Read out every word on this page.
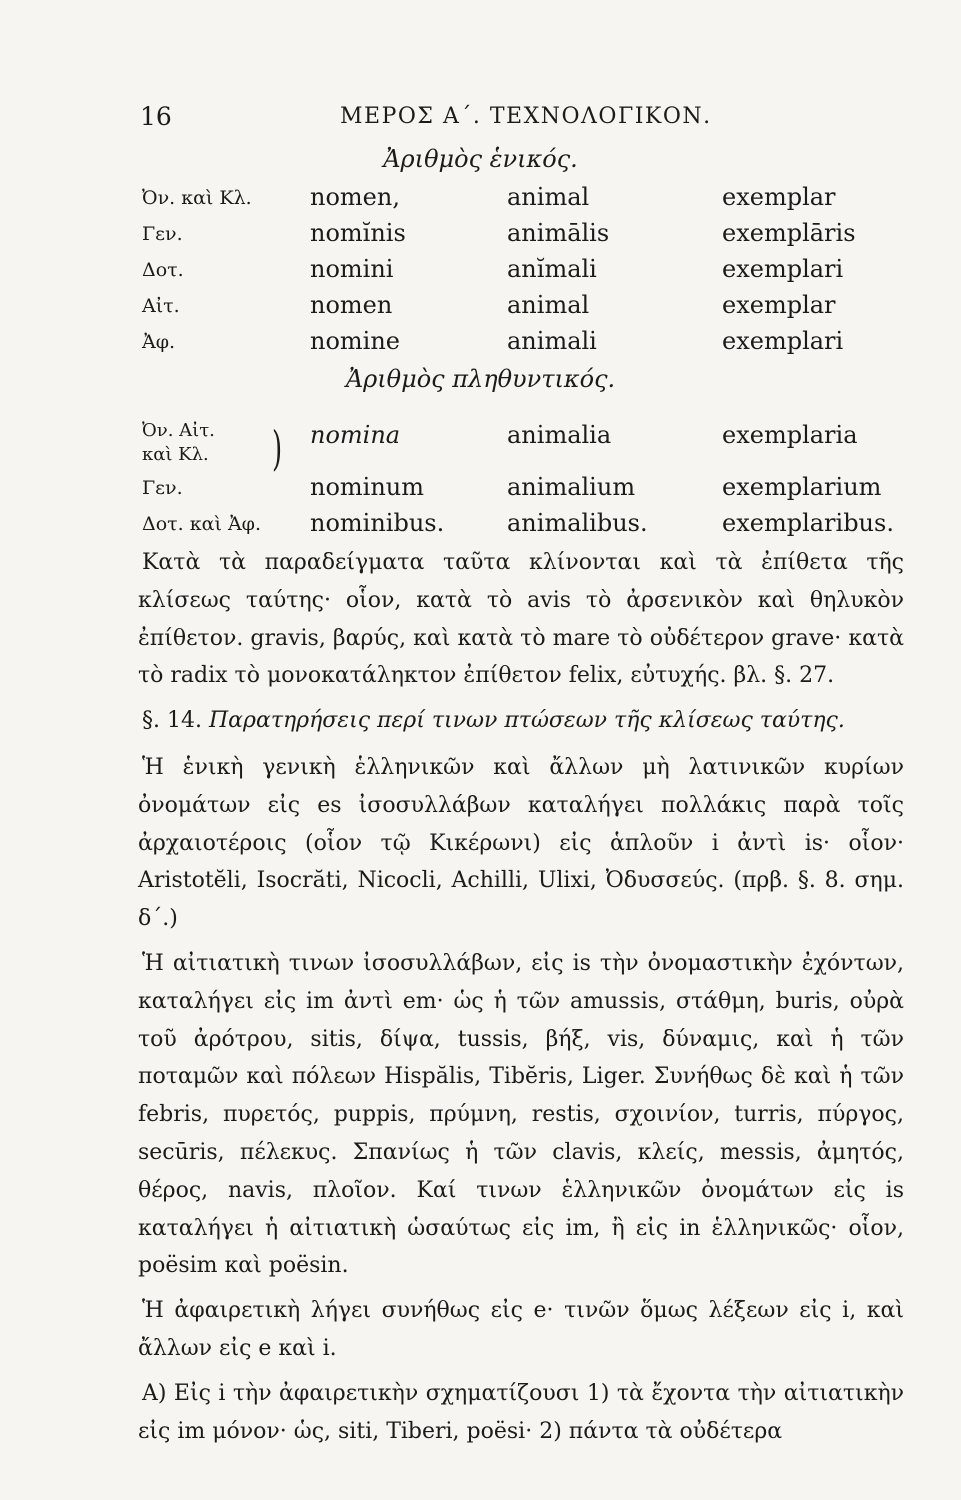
16	ΜΕΡΟΣ Α΄. ΤΕΧΝΟΛΟΓΙΚΟΝ.
Ἀριθμὸς ἑνικός.
Ὀν. καὶ Κλ. nomen,	animal	exemplar
Γεν.	nomĭnis	animālis	exemplāris
Δοτ.	nomini	anĭmali	exemplari
Αἰτ.	nomen	animal	exemplar
Ἀφ.	nomine	animali	exemplari
Ἀριθμὸς πληθυντικός.
Ὀν. Αἰτ.
καὶ Κλ. ) nomina	animalia	exemplaria
Γεν.	nominum	animalium	exemplarium
Δοτ. καὶ Ἀφ. nominibus.	animalibus.	exemplaribus.

Κατὰ τὰ παραδείγματα ταῦτα κλίνονται καὶ τὰ ἐπίθετα τῆς κλίσεως ταύτης· οἷον, κατὰ τὸ avis τὸ ἀρσενικὸν καὶ θηλυκὸν ἐπίθετον. gravis, βαρύς, καὶ κατὰ τὸ mare τὸ οὐδέτερον grave· κατὰ τὸ radix τὸ μονοκατάληκτον ἐπίθετον felix, εὐτυχής. βλ. §. 27.

§. 14. Παρατηρήσεις περί τινων πτώσεων τῆς κλίσεως ταύτης.

Ἡ ἑνικὴ γενικὴ ἑλληνικῶν καὶ ἄλλων μὴ λατινικῶν κυρίων ὀνομάτων εἰς es ἰσοσυλλάβων καταλήγει πολλάκις παρὰ τοῖς ἀρχαιοτέροις (οἷον τῷ Κικέρωνι) εἰς ἁπλοῦν i ἀντὶ is· οἷον· Aristotĕli, Isocrăti, Nicocli, Achilli, Ulixi, Ὀδυσσεύς. (πρβ. §. 8. σημ. δ΄.)

Ἡ αἰτιατικὴ τινων ἰσοσυλλάβων, εἰς is τὴν ὀνομαστικὴν ἐχόντων, καταλήγει εἰς im ἀντὶ em· ὡς ἡ τῶν amussis, στάθμη, buris, οὐρὰ τοῦ ἀρότρου, sitis, δίψα, tussis, βήξ, vis, δύναμις, καὶ ἡ τῶν ποταμῶν καὶ πόλεων Hispălis, Tibĕris, Liger. Συνήθως δὲ καὶ ἡ τῶν febris, πυρετός, puppis, πρύμνη, restis, σχοινίον, turris, πύργος, secūris, πέλεκυς. Σπανίως ἡ τῶν clavis, κλείς, messis, ἀμητός, θέρος, navis, πλοῖον. Καί τινων ἑλληνικῶν ὀνομάτων εἰς is καταλήγει ἡ αἰτιατικὴ ὡσαύτως εἰς im, ἢ εἰς in ἑλληνικῶς· οἷον, poësim καὶ poësin.

Ἡ ἀφαιρετικὴ λήγει συνήθως εἰς e· τινῶν ὅμως λέξεων εἰς i, καὶ ἄλλων εἰς e καὶ i.

Α) Εἰς i τὴν ἀφαιρετικὴν σχηματίζουσι 1) τὰ ἔχοντα τὴν αἰτιατικὴν εἰς im μόνον· ὡς, siti, Tiberi, poësi· 2) πάντα τὰ οὐδέτερα
